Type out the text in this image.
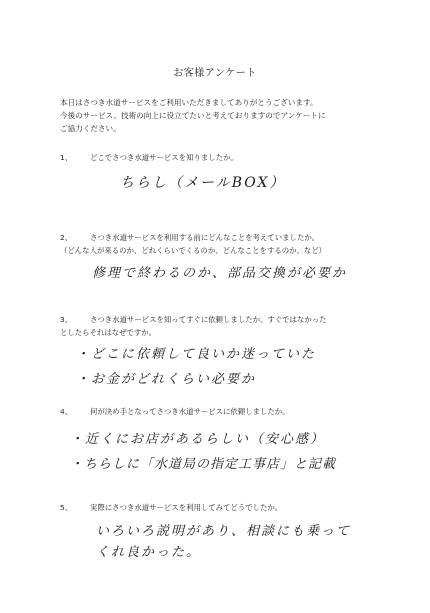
お客様アンケート

本日はさつき水道サービスをご利用いただきましてありがとうございます。

今後のサービス、技術の向上に役立てたいと考えておりますのでアンケートに

ご協力ください。

1、 どこでさつき水道サービスを知りましたか。

ちらし（メールBOX）
2、 さつき水道サービスを利用する前にどんなことを考えていましたか。

（どんな人が来るのか、どれくらいでくるのか、どんなことをするのか、など）

修理で終わるのか、部品交換が必要か
3、 さつき水道サービスを知ってすぐに依頼しましたか。すぐではなかった

としたらそれはなぜですか。

・どこに依頼して良いか迷っていた
・お金がどれくらい必要か
4、 何が決め手となってさつき水道サービスに依頼しましたか。

・近くにお店があるらしい（安心感）
・ちらしに「水道局の指定工事店」と記載
5、 実際にさつき水道サービスを利用してみてどうでしたか。

いろいろ説明があり、相談にも乗って
くれ良かった。
